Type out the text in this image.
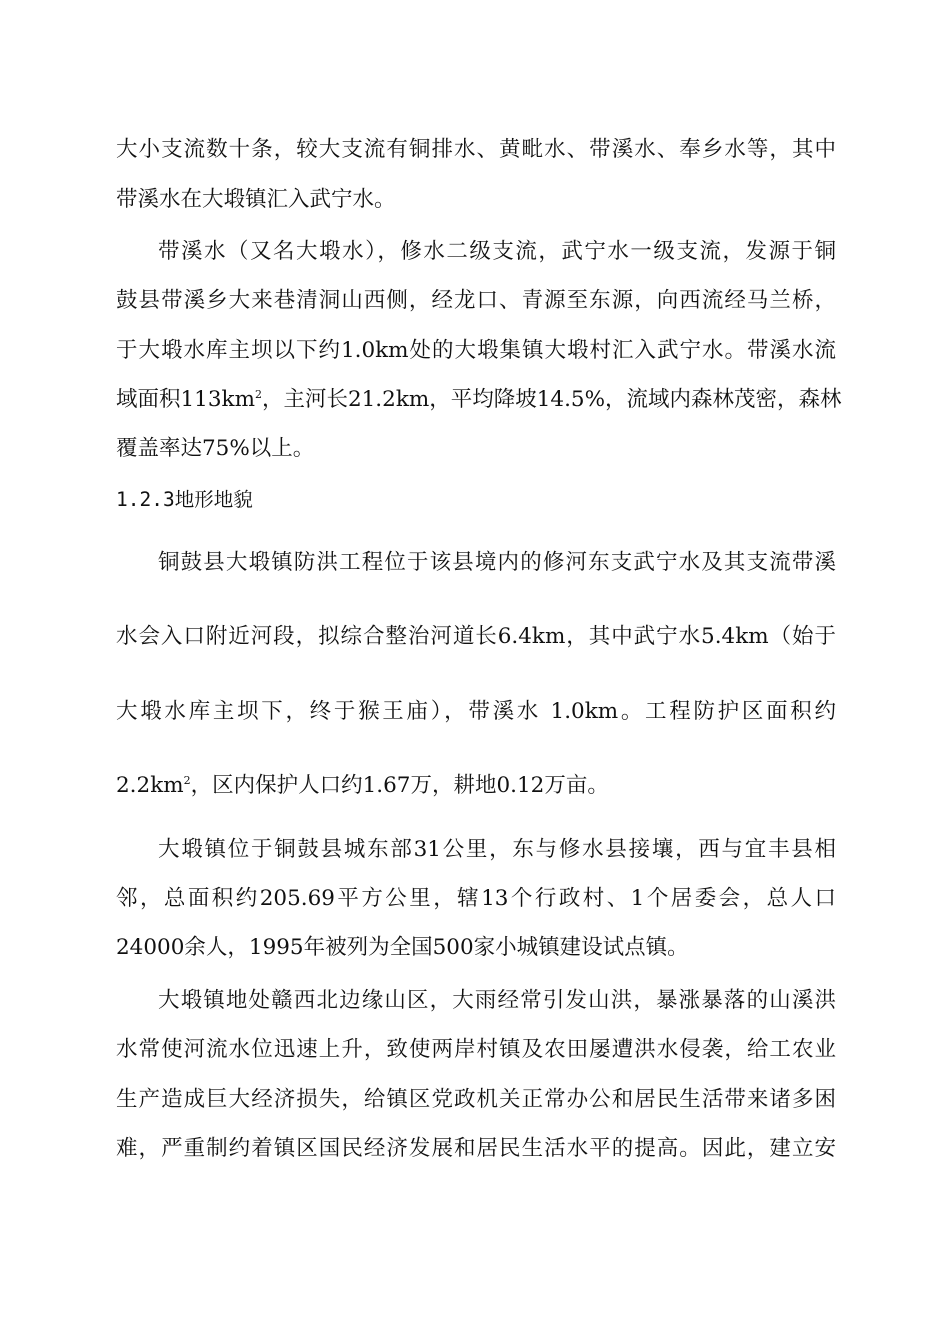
大小支流数十条，较大支流有铜排水、黄毗水、带溪水、奉乡水等，其中
带溪水在大塅镇汇入武宁水。
带溪水（又名大塅水），修水二级支流，武宁水一级支流，发源于铜
鼓县带溪乡大来巷清洞山西侧，经龙口、青源至东源，向西流经马兰桥，
于大塅水库主坝以下约1.0km处的大塅集镇大塅村汇入武宁水。带溪水流
域面积$113km^2$，主河长21.2km，平均降坡14.5%，流域内森林茂密，森林
覆盖率达75%以上。
1.2.3地形地貌
铜鼓县大塅镇防洪工程位于该县境内的修河东支武宁水及其支流带溪
水会入口附近河段，拟综合整治河道长6.4km，其中武宁水5.4km（始于
大塅水库主坝下，终于猴王庙），带溪水 1.0km。工程防护区面积约
$2.2km^2$，区内保护人口约1.67万，耕地0.12万亩。
大塅镇位于铜鼓县城东部31公里，东与修水县接壤，西与宜丰县相
邻，总面积约205.69平方公里，辖13个行政村、1个居委会，总人口
24000余人，1995年被列为全国500家小城镇建设试点镇。
大塅镇地处赣西北边缘山区，大雨经常引发山洪，暴涨暴落的山溪洪
水常使河流水位迅速上升，致使两岸村镇及农田屡遭洪水侵袭，给工农业
生产造成巨大经济损失，给镇区党政机关正常办公和居民生活带来诸多困
难，严重制约着镇区国民经济发展和居民生活水平的提高。因此，建立安
